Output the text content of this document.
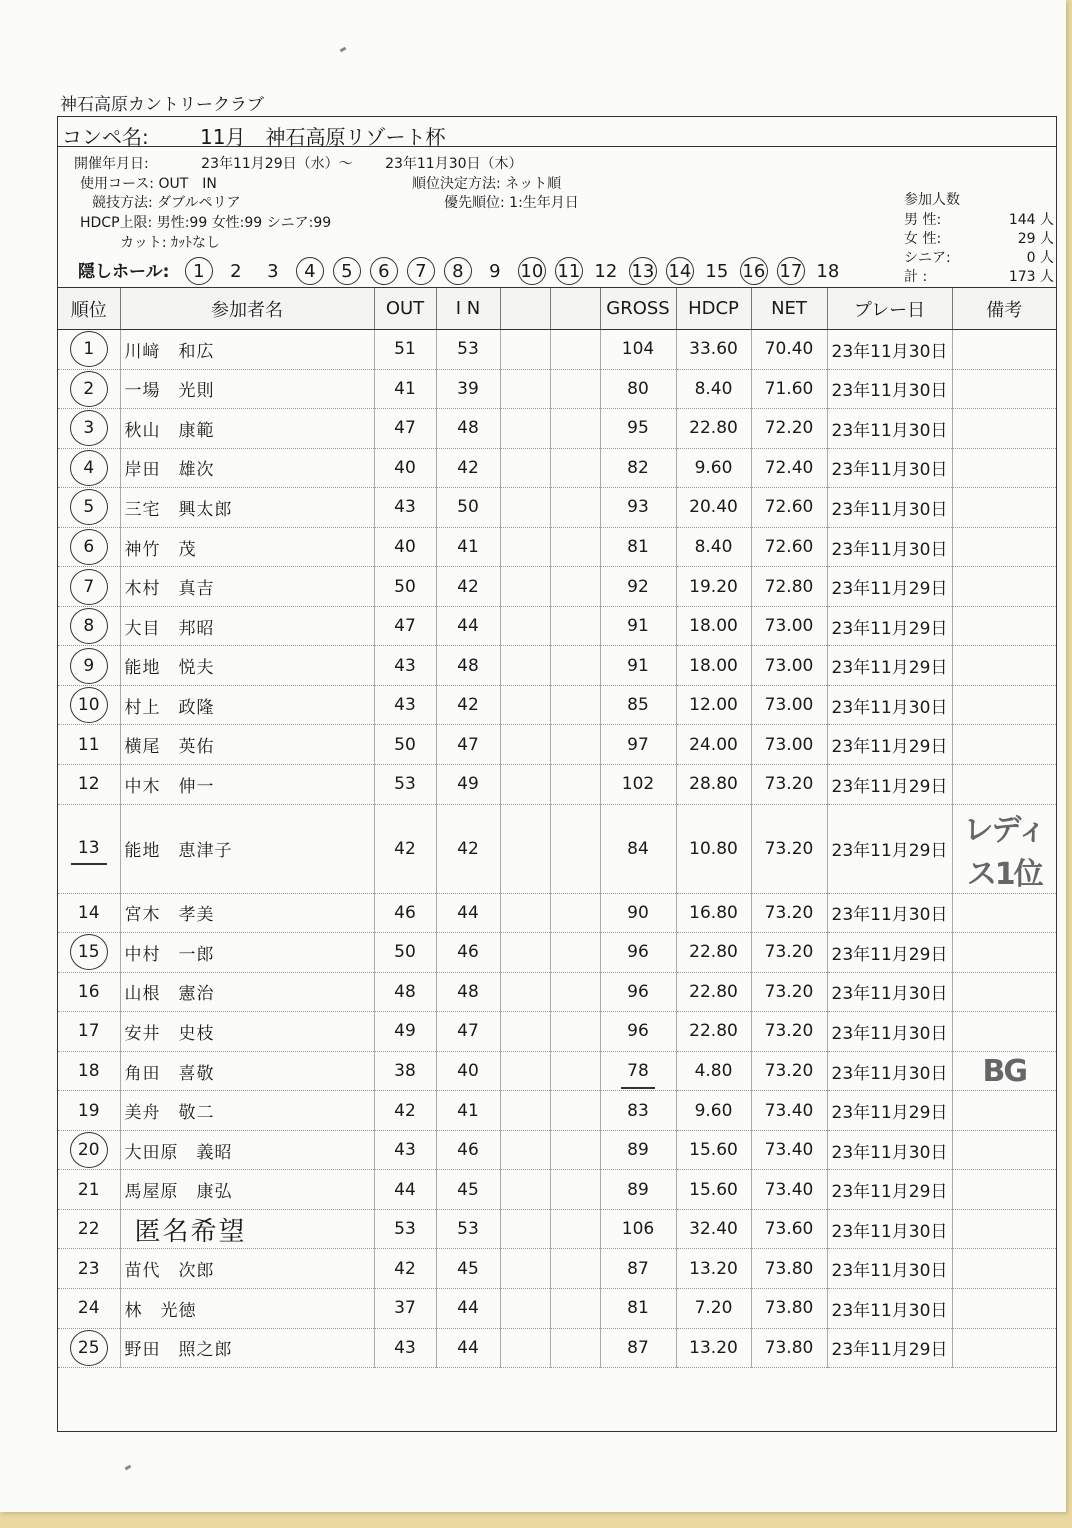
神石高原カントリークラブ
コンペ名:	11月　神石高原リゾート杯
開催年月日:	23年11月29日（水）～ 23年11月30日（木）
使用コース: OUT　IN	順位決定方法: ネット順
競技方法: ダブルペリア	優先順位: 1:生年月日
HDCP上限: 男性:99 女性:99 シニア:99
カット: ｶｯﾄなし
参加人数
男 性:	144 人
女 性:	29 人
シニア:	0 人
計 :	173 人
隠しホール: 1 2 3 4 5 6 7 8 9 10 11 12 13 14 15 16 17 18
順位	参加者名	OUT	I N			GROSS	HDCP	NET	プレー日	備考
1	川﨑　和広	51	53			104	33.60	70.40	23年11月30日	
2	一場　光則	41	39			80	8.40	71.60	23年11月30日	
3	秋山　康範	47	48			95	22.80	72.20	23年11月30日	
4	岸田　雄次	40	42			82	9.60	72.40	23年11月30日	
5	三宅　興太郎	43	50			93	20.40	72.60	23年11月30日	
6	神竹　茂	40	41			81	8.40	72.60	23年11月30日	
7	木村　真吉	50	42			92	19.20	72.80	23年11月29日	
8	大目　邦昭	47	44			91	18.00	73.00	23年11月29日	
9	能地　悦夫	43	48			91	18.00	73.00	23年11月29日	
10	村上　政隆	43	42			85	12.00	73.00	23年11月30日	
11	横尾　英佑	50	47			97	24.00	73.00	23年11月29日	
12	中木　伸一	53	49			102	28.80	73.20	23年11月29日	
13	能地　恵津子	42	42			84	10.80	73.20	23年11月29日	レディス1位
14	宮木　孝美	46	44			90	16.80	73.20	23年11月30日	
15	中村　一郎	50	46			96	22.80	73.20	23年11月29日	
16	山根　憲治	48	48			96	22.80	73.20	23年11月30日	
17	安井　史枝	49	47			96	22.80	73.20	23年11月30日	
18	角田　喜敬	38	40			78	4.80	73.20	23年11月30日	BG
19	美舟　敬二	42	41			83	9.60	73.40	23年11月29日	
20	大田原　義昭	43	46			89	15.60	73.40	23年11月30日	
21	馬屋原　康弘	44	45			89	15.60	73.40	23年11月29日	
22	匿名希望	53	53			106	32.40	73.60	23年11月30日	
23	苗代　次郎	42	45			87	13.20	73.80	23年11月30日	
24	林　光徳	37	44			81	7.20	73.80	23年11月30日	
25	野田　照之郎	43	44			87	13.20	73.80	23年11月29日	
